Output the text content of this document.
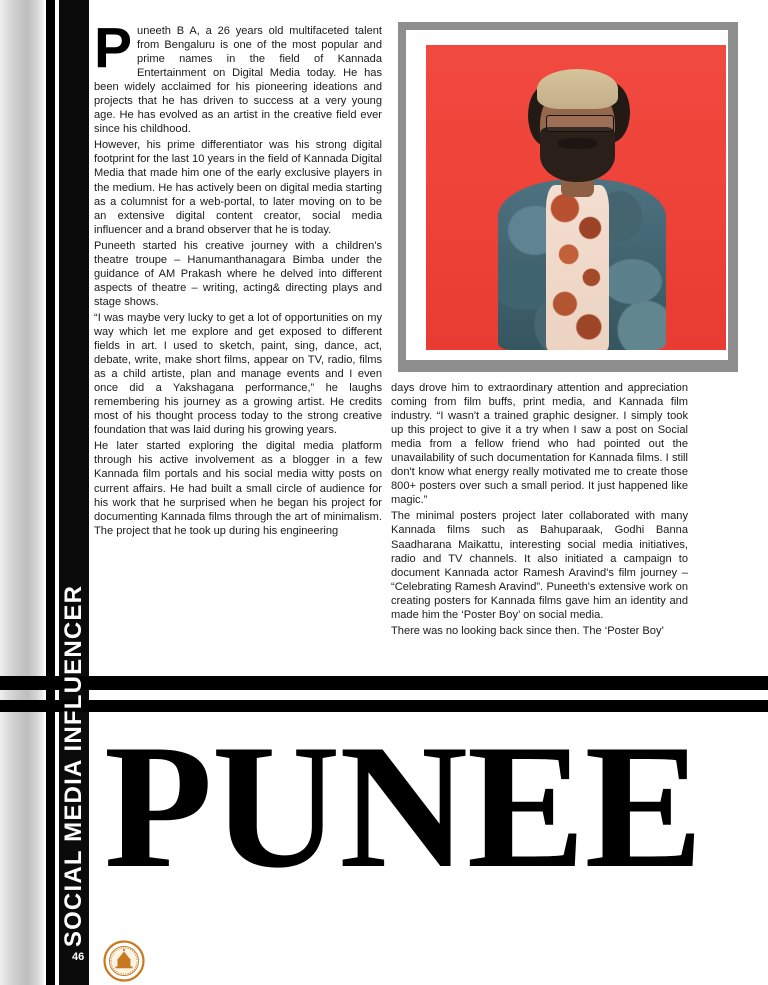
Puneeth B A, a 26 years old multifaceted talent from Bengaluru is one of the most popular and prime names in the field of Kannada Entertainment on Digital Media today. He has been widely acclaimed for his pioneering ideations and projects that he has driven to success at a very young age. He has evolved as an artist in the creative field ever since his childhood.

However, his prime differentiator was his strong digital footprint for the last 10 years in the field of Kannada Digital Media that made him one of the early exclusive players in the medium. He has actively been on digital media starting as a columnist for a web-portal, to later moving on to be an extensive digital content creator, social media influencer and a brand observer that he is today.

Puneeth started his creative journey with a children's theatre troupe – Hanumanthanagara Bimba under the guidance of AM Prakash where he delved into different aspects of theatre – writing, acting& directing plays and stage shows.

“I was maybe very lucky to get a lot of opportunities on my way which let me explore and get exposed to different fields in art. I used to sketch, paint, sing, dance, act, debate, write, make short films, appear on TV, radio, films as a child artiste, plan and manage events and I even once did a Yakshagana performance,” he laughs remembering his journey as a growing artist. He credits most of his thought process today to the strong creative foundation that was laid during his growing years.

He later started exploring the digital media platform through his active involvement as a blogger in a few Kannada film portals and his social media witty posts on current affairs. He had built a small circle of audience for his work that he surprised when he began his project for documenting Kannada films through the art of minimalism. The project that he took up during his engineering

days drove him to extraordinary attention and appreciation coming from film buffs, print media, and Kannada film industry. “I wasn't a trained graphic designer. I simply took up this project to give it a try when I saw a post on Social media from a fellow friend who had pointed out the unavailability of such documentation for Kannada films. I still don't know what energy really motivated me to create those 800+ posters over such a small period. It just happened like magic.”

The minimal posters project later collaborated with many Kannada films such as Bahuparaak, Godhi Banna Saadharana Maikattu, interesting social media initiatives, radio and TV channels. It also initiated a campaign to document Kannada actor Ramesh Aravind's film journey – “Celebrating Ramesh Aravind”. Puneeth's extensive work on creating posters for Kannada films gave him an identity and made him the ‘Poster Boy’ on social media.

There was no looking back since then. The ‘Poster Boy’

SOCIAL MEDIA INFLUENCER PUNEE
46
